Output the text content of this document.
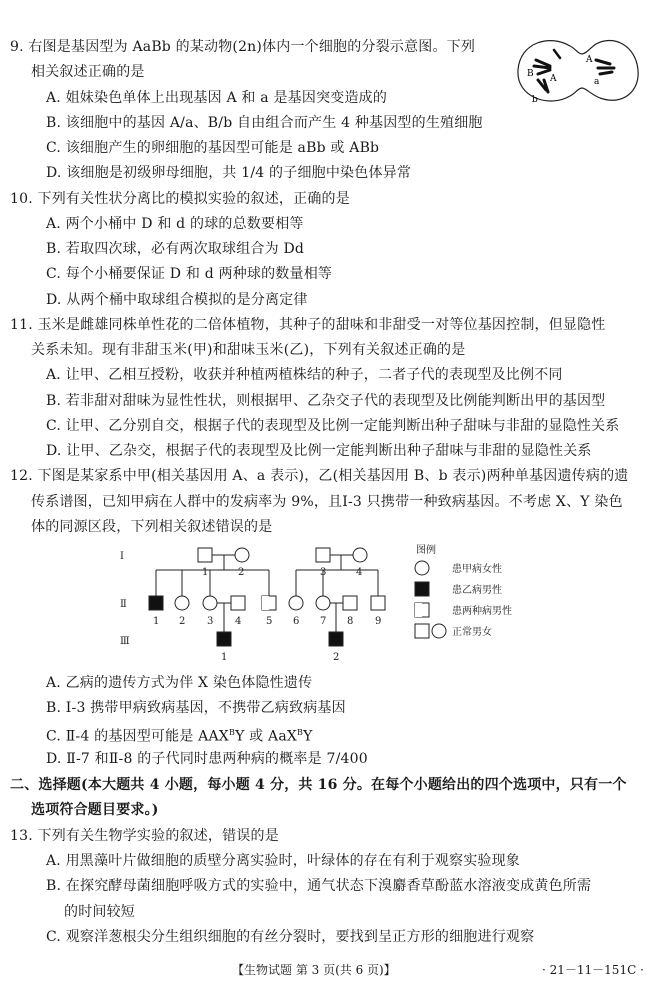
9. 右图是基因型为 AaBb 的某动物(2n)体内一个细胞的分裂示意图。下列
相关叙述正确的是
A. 姐妹染色单体上出现基因 A 和 a 是基因突变造成的
B. 该细胞中的基因 A/a、B/b 自由组合而产生 4 种基因型的生殖细胞
C. 该细胞产生的卵细胞的基因型可能是 aBb 或 ABb
D. 该细胞是初级卵母细胞，共 1/4 的子细胞中染色体异常
B A
b
A
a
10. 下列有关性状分离比的模拟实验的叙述，正确的是
A. 两个小桶中 D 和 d 的球的总数要相等
B. 若取四次球，必有两次取球组合为 Dd
C. 每个小桶要保证 D 和 d 两种球的数量相等
D. 从两个桶中取球组合模拟的是分离定律
11. 玉米是雌雄同株单性花的二倍体植物，其种子的甜味和非甜受一对等位基因控制，但显隐性
关系未知。现有非甜玉米(甲)和甜味玉米(乙)，下列有关叙述正确的是
A. 让甲、乙相互授粉，收获并种植两植株结的种子，二者子代的表现型及比例不同
B. 若非甜对甜味为显性性状，则根据甲、乙杂交子代的表现型及比例能判断出甲的基因型
C. 让甲、乙分别自交，根据子代的表现型及比例一定能判断出种子甜味与非甜的显隐性关系
D. 让甲、乙杂交，根据子代的表现型及比例一定能判断出种子甜味与非甜的显隐性关系
12. 下图是某家系中甲(相关基因用 A、a 表示)，乙(相关基因用 B、b 表示)两种单基因遗传病的遗
传系谱图，已知甲病在人群中的发病率为 9%，且Ⅰ-3 只携带一种致病基因。不考虑 X、Y 染色
体的同源区段，下列相关叙述错误的是
Ⅰ
Ⅱ
Ⅲ
1	2	3	4
1 2 3 4 5 6 7 8 9
1	2
图例
患甲病女性
患乙病男性
患两种病男性
正常男女
A. 乙病的遗传方式为伴 X 染色体隐性遗传
B. Ⅰ-3 携带甲病致病基因，不携带乙病致病基因
C. Ⅱ-4 的基因型可能是 $AAX^BY$ 或 AaX$^B$Y
D. Ⅱ-7 和Ⅱ-8 的子代同时患两种病的概率是 7/400
二、选择题(本大题共 4 小题，每小题 4 分，共 16 分。在每个小题给出的四个选项中，只有一个
选项符合题目要求。)
13. 下列有关生物学实验的叙述，错误的是
A. 用黑藻叶片做细胞的质壁分离实验时，叶绿体的存在有利于观察实验现象
B. 在探究酵母菌细胞呼吸方式的实验中，通气状态下溴麝香草酚蓝水溶液变成黄色所需
的时间较短
C. 观察洋葱根尖分生组织细胞的有丝分裂时，要找到呈正方形的细胞进行观察
【生物试题 第 3 页(共 6 页)】	· 21－11－151C ·
